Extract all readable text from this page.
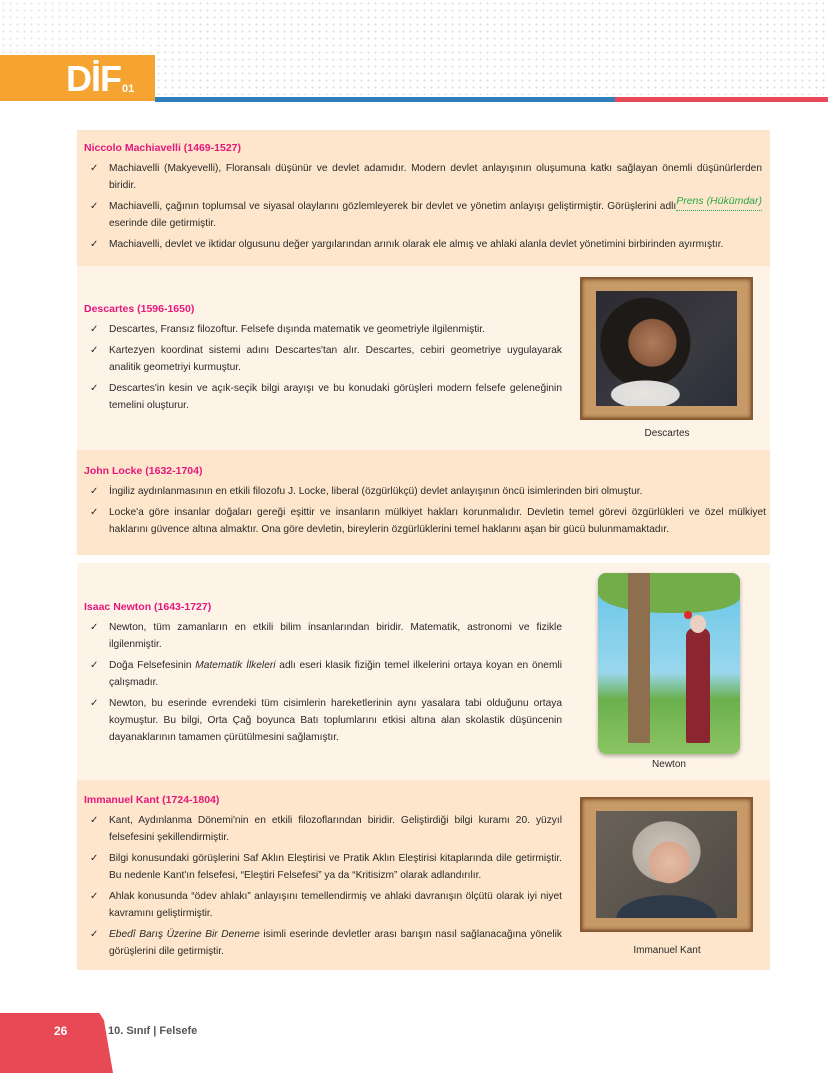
DİF 01
Niccolo Machiavelli (1469-1527)
✓ Machiavelli (Makyevelli), Floransalı düşünür ve devlet adamıdır. Modern devlet anlayışının oluşumuna katkı sağlayan önemli düşünürlerden biridir.
✓	Prens (Hükümdar)
Machiavelli, çağının toplumsal ve siyasal olaylarını gözlemleyerek bir devlet ve yönetim anlayışı geliştirmiştir. Görüşlerini adlı eserinde dile getirmiştir.
✓ Machiavelli, devlet ve iktidar olgusunu değer yargılarından arınık olarak ele almış ve ahlaki alanla devlet yönetimini birbirinden ayırmıştır.
Descartes (1596-1650)
✓ Descartes, Fransız filozoftur. Felsefe dışında matematik ve geometriyle ilgilenmiştir.
✓ Kartezyen koordinat sistemi adını Descartes'tan alır. Descartes, cebiri geometriye uygulayarak analitik geometriyi kurmuştur.
✓ Descartes'in kesin ve açık-seçik bilgi arayışı ve bu konudaki görüşleri modern felsefe geleneğinin temelini oluşturur.
John Locke (1632-1704)
✓ İngiliz aydınlanmasının en etkili filozofu J. Locke, liberal (özgürlükçü) devlet anlayışının öncü isimlerinden biri olmuştur.
✓ Locke'a göre insanlar doğaları gereği eşittir ve insanların mülkiyet hakları korunmalıdır. Devletin temel görevi özgürlükleri ve özel mülkiyet haklarını güvence altına almaktır. Ona göre devletin, bireylerin özgürlüklerini temel haklarını aşan bir gücü bulunmamaktadır.
Isaac Newton (1643-1727)
✓ Newton, tüm zamanların en etkili bilim insanlarından biridir. Matematik, astronomi ve fizikle ilgilenmiştir.
✓ Doğa Felsefesinin Matematik İlkeleri adlı eseri klasik fiziğin temel ilkelerini ortaya koyan en önemli çalışmadır.
✓ Newton, bu eserinde evrendeki tüm cisimlerin hareketlerinin aynı yasalara tabi olduğunu ortaya koymuştur. Bu bilgi, Orta Çağ boyunca Batı toplumlarını etkisi altına alan skolastik düşüncenin dayanaklarının tamamen çürütülmesini sağlamıştır.
Immanuel Kant (1724-1804)
✓ Kant, Aydınlanma Dönemi'nin en etkili filozoflarından biridir. Geliştirdiği bilgi kuramı 20. yüzyıl felsefesini şekillendirmiştir.
✓ Bilgi konusundaki görüşlerini Saf Aklın Eleştirisi ve Pratik Aklın Eleştirisi kitaplarında dile getirmiştir. Bu nedenle Kant'ın felsefesi, “Eleştiri Felsefesi” ya da “Kritisizm” olarak adlandırılır.
✓ Ahlak konusunda “ödev ahlakı” anlayışını temellendirmiş ve ahlaki davranışın ölçütü olarak iyi niyet kavramını geliştirmiştir.
✓ Ebedî Barış Üzerine Bir Deneme isimli eserinde devletler arası barışın nasıl sağlanacağına yönelik görüşlerini dile getirmiştir.
Descartes
Newton
Immanuel Kant
26	10. Sınıf | Felsefe
